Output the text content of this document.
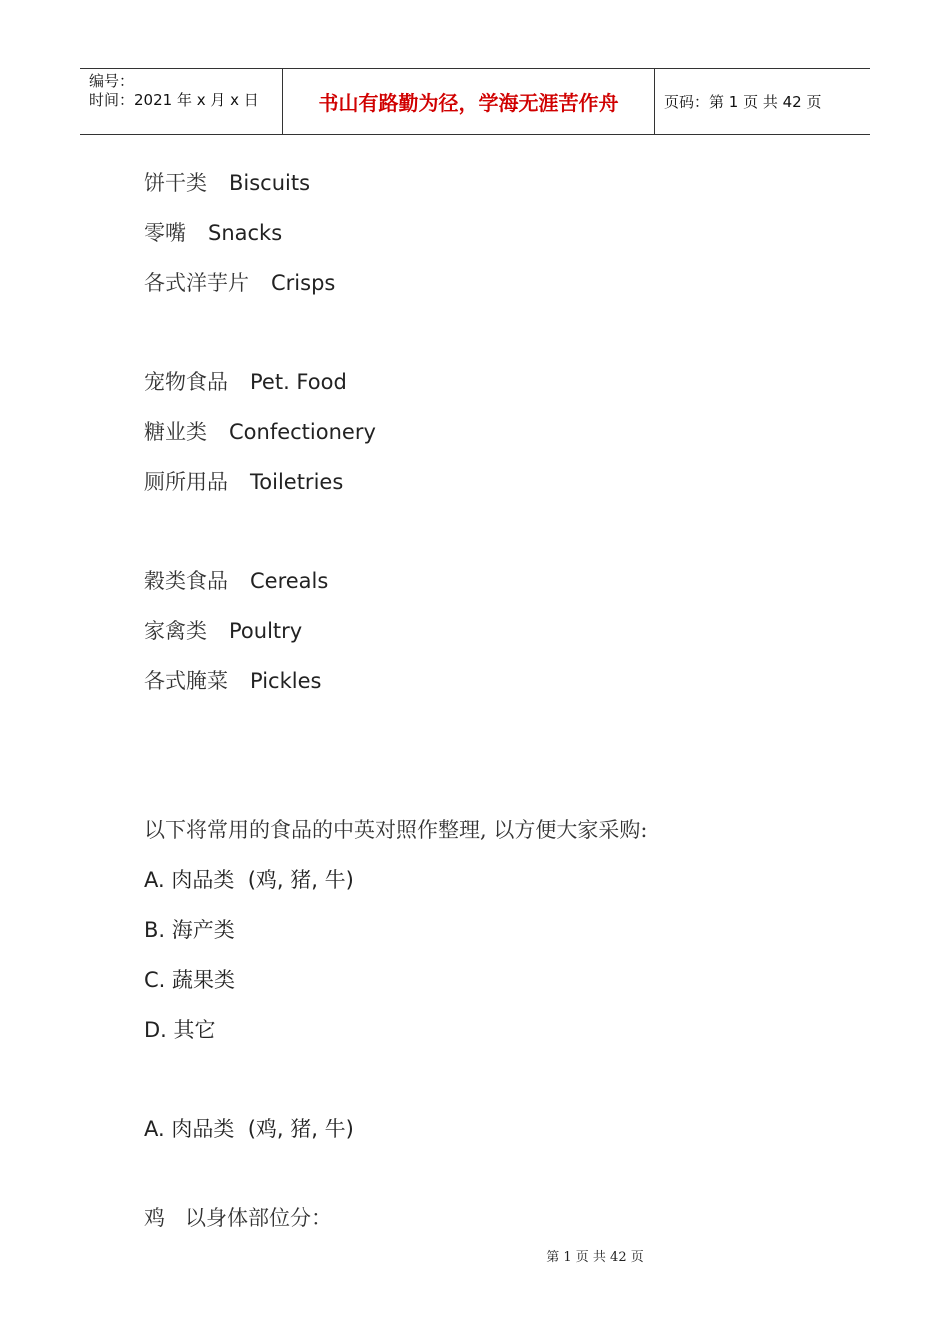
编号：
时间：2021 年 x 月 x 日	书山有路勤为径，学海无涯苦作舟	页码：第 1 页 共 42 页
饼干类 Biscuits
零嘴 Snacks
各式洋芋片 Crisps
宠物食品 Pet. Food
糖业类 Confectionery
厕所用品 Toiletries
穀类食品 Cereals
家禽类 Poultry
各式腌菜 Pickles
以下将常用的食品的中英对照作整理, 以方便大家采购:
A. 肉品类  (鸡, 猪, 牛)
B. 海产类
C. 蔬果类
D. 其它
A. 肉品类  (鸡, 猪, 牛)
鸡   以身体部位分：
第 1 页 共 42 页
